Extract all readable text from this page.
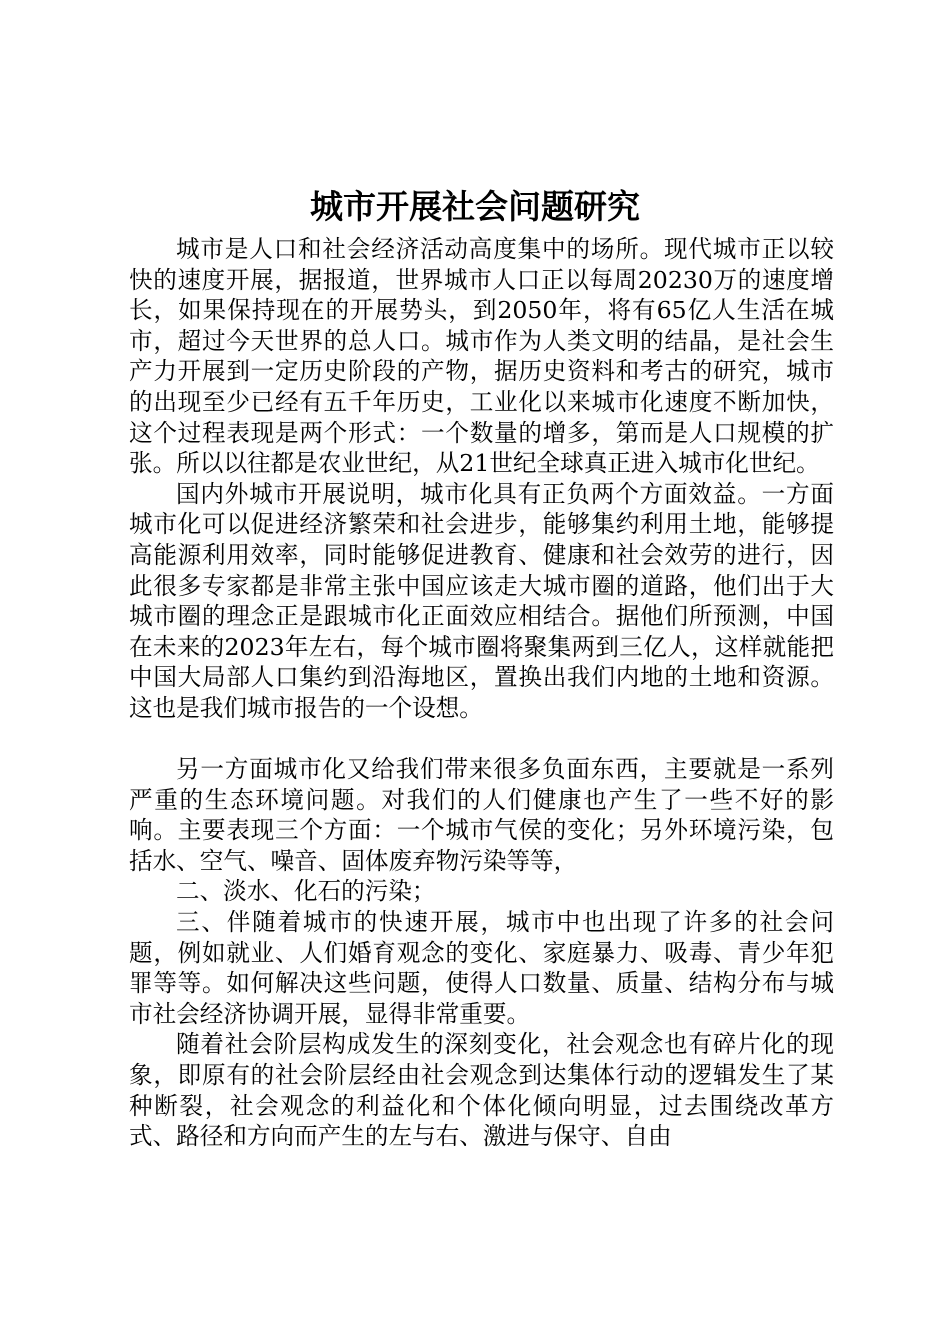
城市开展社会问题研究

城市是人口和社会经济活动高度集中的场所。现代城市正以较快的速度开展，据报道，世界城市人口正以每周20230万的速度增长，如果保持现在的开展势头，到2050年，将有65亿人生活在城市，超过今天世界的总人口。城市作为人类文明的结晶，是社会生产力开展到一定历史阶段的产物，据历史资料和考古的研究，城市的出现至少已经有五千年历史，工业化以来城市化速度不断加快，这个过程表现是两个形式：一个数量的增多，第而是人口规模的扩张。所以以往都是农业世纪，从21世纪全球真正进入城市化世纪。

国内外城市开展说明，城市化具有正负两个方面效益。一方面城市化可以促进经济繁荣和社会进步，能够集约利用土地，能够提高能源利用效率，同时能够促进教育、健康和社会效劳的进行，因此很多专家都是非常主张中国应该走大城市圈的道路，他们出于大城市圈的理念正是跟城市化正面效应相结合。据他们所预测，中国在未来的2023年左右，每个城市圈将聚集两到三亿人，这样就能把中国大局部人口集约到沿海地区，置换出我们内地的土地和资源。这也是我们城市报告的一个设想。

另一方面城市化又给我们带来很多负面东西，主要就是一系列严重的生态环境问题。对我们的人们健康也产生了一些不好的影响。主要表现三个方面：一个城市气侯的变化；另外环境污染，包括水、空气、噪音、固体废弃物污染等等，

二、淡水、化石的污染；

三、伴随着城市的快速开展，城市中也出现了许多的社会问题，例如就业、人们婚育观念的变化、家庭暴力、吸毒、青少年犯罪等等。如何解决这些问题，使得人口数量、质量、结构分布与城市社会经济协调开展，显得非常重要。

随着社会阶层构成发生的深刻变化，社会观念也有碎片化的现象，即原有的社会阶层经由社会观念到达集体行动的逻辑发生了某种断裂，社会观念的利益化和个体化倾向明显，过去围绕改革方式、路径和方向而产生的左与右、激进与保守、自由
